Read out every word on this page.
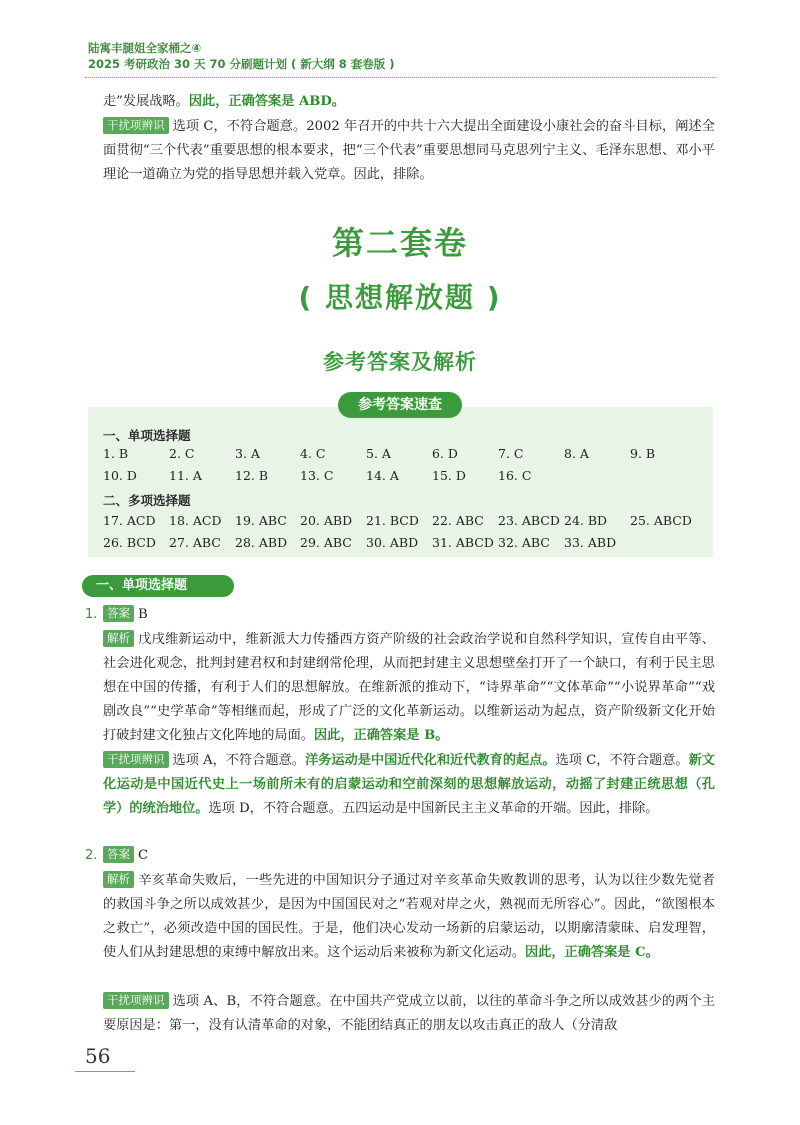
陆寓丰腿姐全家桶之④
2025 考研政治 30 天 70 分刷题计划 ( 新大纲 8 套卷版 )
走”发展战略。因此，正确答案是 ABD。
干扰项辨识 选项 C，不符合题意。2002 年召开的中共十六大提出全面建设小康社会的奋斗目标，阐述全面贯彻“三个代表”重要思想的根本要求，把“三个代表”重要思想同马克思列宁主义、毛泽东思想、邓小平理论一道确立为党的指导思想并载入党章。因此，排除。
第二套卷
( 思想解放题 )
参考答案及解析
参考答案速查
一、单项选择题
1. B	2. C	3. A	4. C	5. A	6. D	7. C	8. A	9. B
10. D	11. A	12. B	13. C	14. A	15. D	16. C
二、多项选择题
17. ACD 18. ACD 19. ABC 20. ABD 21. BCD 22. ABC 23. ABCD 24. BD 25. ABCD
26. BCD 27. ABC 28. ABD 29. ABC 30. ABD 31. ABCD 32. ABC 33. ABD
一、单项选择题
1. 答案 B
解析 戊戌维新运动中，维新派大力传播西方资产阶级的社会政治学说和自然科学知识，宣传自由平等、社会进化观念，批判封建君权和封建纲常伦理，从而把封建主义思想壁垒打开了一个缺口，有利于民主思想在中国的传播，有利于人们的思想解放。在维新派的推动下，“诗界革命”“文体革命”“小说界革命”“戏剧改良”“史学革命”等相继而起，形成了广泛的文化革新运动。以维新运动为起点，资产阶级新文化开始打破封建文化独占文化阵地的局面。因此，正确答案是 B。
干扰项辨识 选项 A，不符合题意。洋务运动是中国近代化和近代教育的起点。选项 C，不符合题意。新文化运动是中国近代史上一场前所未有的启蒙运动和空前深刻的思想解放运动，动摇了封建正统思想（孔学）的统治地位。选项 D，不符合题意。五四运动是中国新民主主义革命的开端。因此，排除。
2. 答案 C
解析 辛亥革命失败后，一些先进的中国知识分子通过对辛亥革命失败教训的思考，认为以往少数先觉者的救国斗争之所以成效甚少，是因为中国国民对之“若观对岸之火，熟视而无所容心”。因此，“欲图根本之救亡”，必须改造中国的国民性。于是，他们决心发动一场新的启蒙运动，以期廓清蒙昧、启发理智，使人们从封建思想的束缚中解放出来。这个运动后来被称为新文化运动。因此，正确答案是 C。
干扰项辨识 选项 A、B，不符合题意。在中国共产党成立以前，以往的革命斗争之所以成效甚少的两个主要原因是：第一，没有认清革命的对象，不能团结真正的朋友以攻击真正的敌人（分清敌
56
